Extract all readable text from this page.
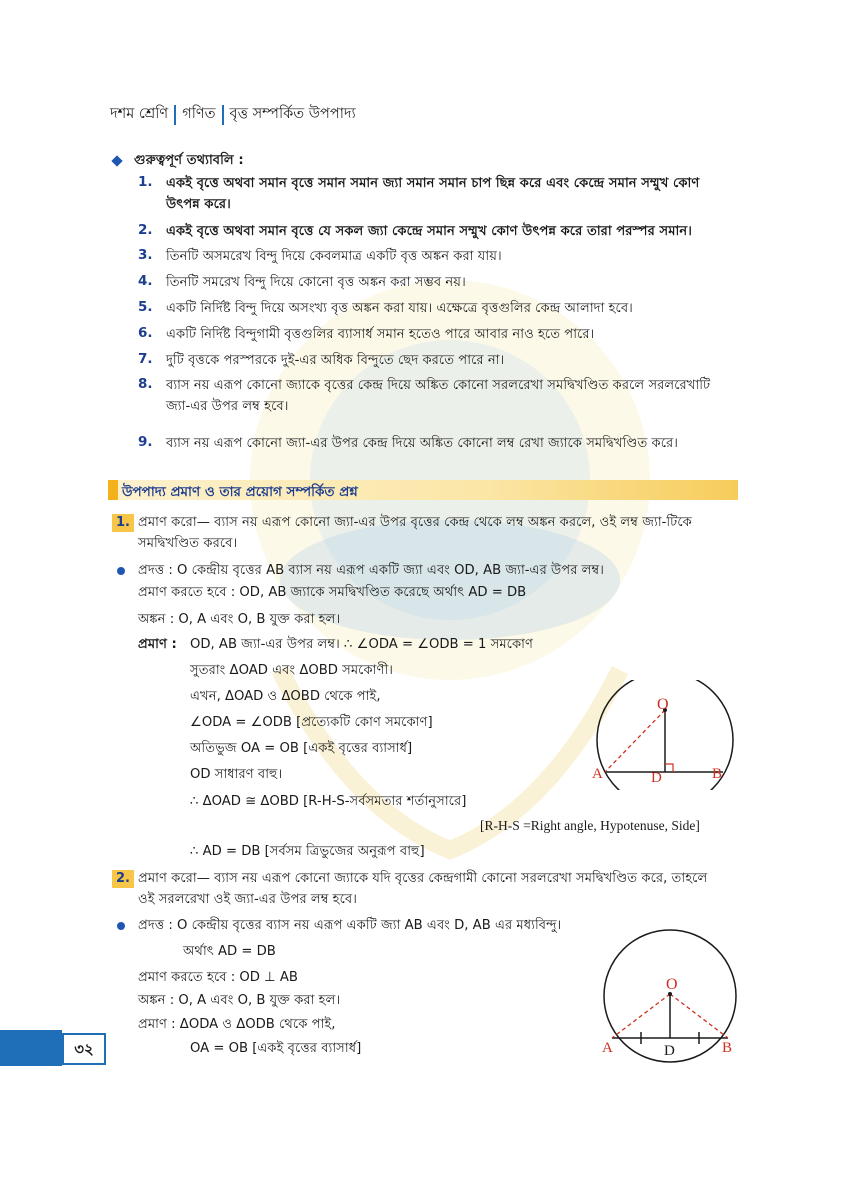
দশম শ্রেণি গণিত বৃত্ত সম্পর্কিত উপপাদ্য
গুরুত্বপূর্ণ তথ্যাবলি :
1. একই বৃত্তে অথবা সমান বৃত্তে সমান সমান জ্যা সমান সমান চাপ ছিন্ন করে এবং কেন্দ্রে সমান সম্মুখ কোণ
উৎপন্ন করে।
2. একই বৃত্তে অথবা সমান বৃত্তে যে সকল জ্যা কেন্দ্রে সমান সম্মুখ কোণ উৎপন্ন করে তারা পরস্পর সমান।
3. তিনটি অসমরেখ বিন্দু দিয়ে কেবলমাত্র একটি বৃত্ত অঙ্কন করা যায়।
4. তিনটি সমরেখ বিন্দু দিয়ে কোনো বৃত্ত অঙ্কন করা সম্ভব নয়।
5. একটি নির্দিষ্ট বিন্দু দিয়ে অসংখ্য বৃত্ত অঙ্কন করা যায়। এক্ষেত্রে বৃত্তগুলির কেন্দ্র আলাদা হবে।
6. একটি নির্দিষ্ট বিন্দুগামী বৃত্তগুলির ব্যাসার্ধ সমান হতেও পারে আবার নাও হতে পারে।
7. দুটি বৃত্তকে পরস্পরকে দুই-এর অধিক বিন্দুতে ছেদ করতে পারে না।
8. ব্যাস নয় এরূপ কোনো জ্যাকে বৃত্তের কেন্দ্র দিয়ে অঙ্কিত কোনো সরলরেখা সমদ্বিখণ্ডিত করলে সরলরেখাটি
জ্যা-এর উপর লম্ব হবে।
9. ব্যাস নয় এরূপ কোনো জ্যা-এর উপর কেন্দ্র দিয়ে অঙ্কিত কোনো লম্ব রেখা জ্যাকে সমদ্বিখণ্ডিত করে।
উপপাদ্য প্রমাণ ও তার প্রয়োগ সম্পর্কিত প্রশ্ন
1. প্রমাণ করো— ব্যাস নয় এরূপ কোনো জ্যা-এর উপর বৃত্তের কেন্দ্র থেকে লম্ব অঙ্কন করলে, ওই লম্ব জ্যা-টিকে
সমদ্বিখণ্ডিত করবে।
প্রদত্ত : O কেন্দ্রীয় বৃত্তের AB ব্যাস নয় এরূপ একটি জ্যা এবং OD, AB জ্যা-এর উপর লম্ব।
প্রমাণ করতে হবে : OD, AB জ্যাকে সমদ্বিখণ্ডিত করেছে অর্থাৎ AD = DB
অঙ্কন : O, A এবং O, B যুক্ত করা হল।
প্রমাণ : OD, AB জ্যা-এর উপর লম্ব। ∴ ∠ODA = ∠ODB = 1 সমকোণ
সুতরাং ΔOAD এবং ΔOBD সমকোণী।
এখন, ΔOAD ও ΔOBD থেকে পাই,
∠ODA = ∠ODB [প্রত্যেকটি কোণ সমকোণ]
অতিভুজ OA = OB [একই বৃত্তের ব্যাসার্ধ]
OD সাধারণ বাহু।
∴ ΔOAD ≅ ΔOBD [R-H-S-সর্বসমতার শর্তানুসারে]
[R-H-S =Right angle, Hypotenuse, Side]
∴ AD = DB [সর্বসম ত্রিভুজের অনুরূপ বাহু]
O
A	D	B
2. প্রমাণ করো— ব্যাস নয় এরূপ কোনো জ্যাকে যদি বৃত্তের কেন্দ্রগামী কোনো সরলরেখা সমদ্বিখণ্ডিত করে, তাহলে
ওই সরলরেখা ওই জ্যা-এর উপর লম্ব হবে।
প্রদত্ত : O কেন্দ্রীয় বৃত্তের ব্যাস নয় এরূপ একটি জ্যা AB এবং D, AB এর মধ্যবিন্দু।
অর্থাৎ AD = DB
প্রমাণ করতে হবে : OD ⊥ AB
অঙ্কন : O, A এবং O, B যুক্ত করা হল।
প্রমাণ : ΔODA ও ΔODB থেকে পাই,
OA = OB [একই বৃত্তের ব্যাসার্ধ]
O
A	D	B
৩২
